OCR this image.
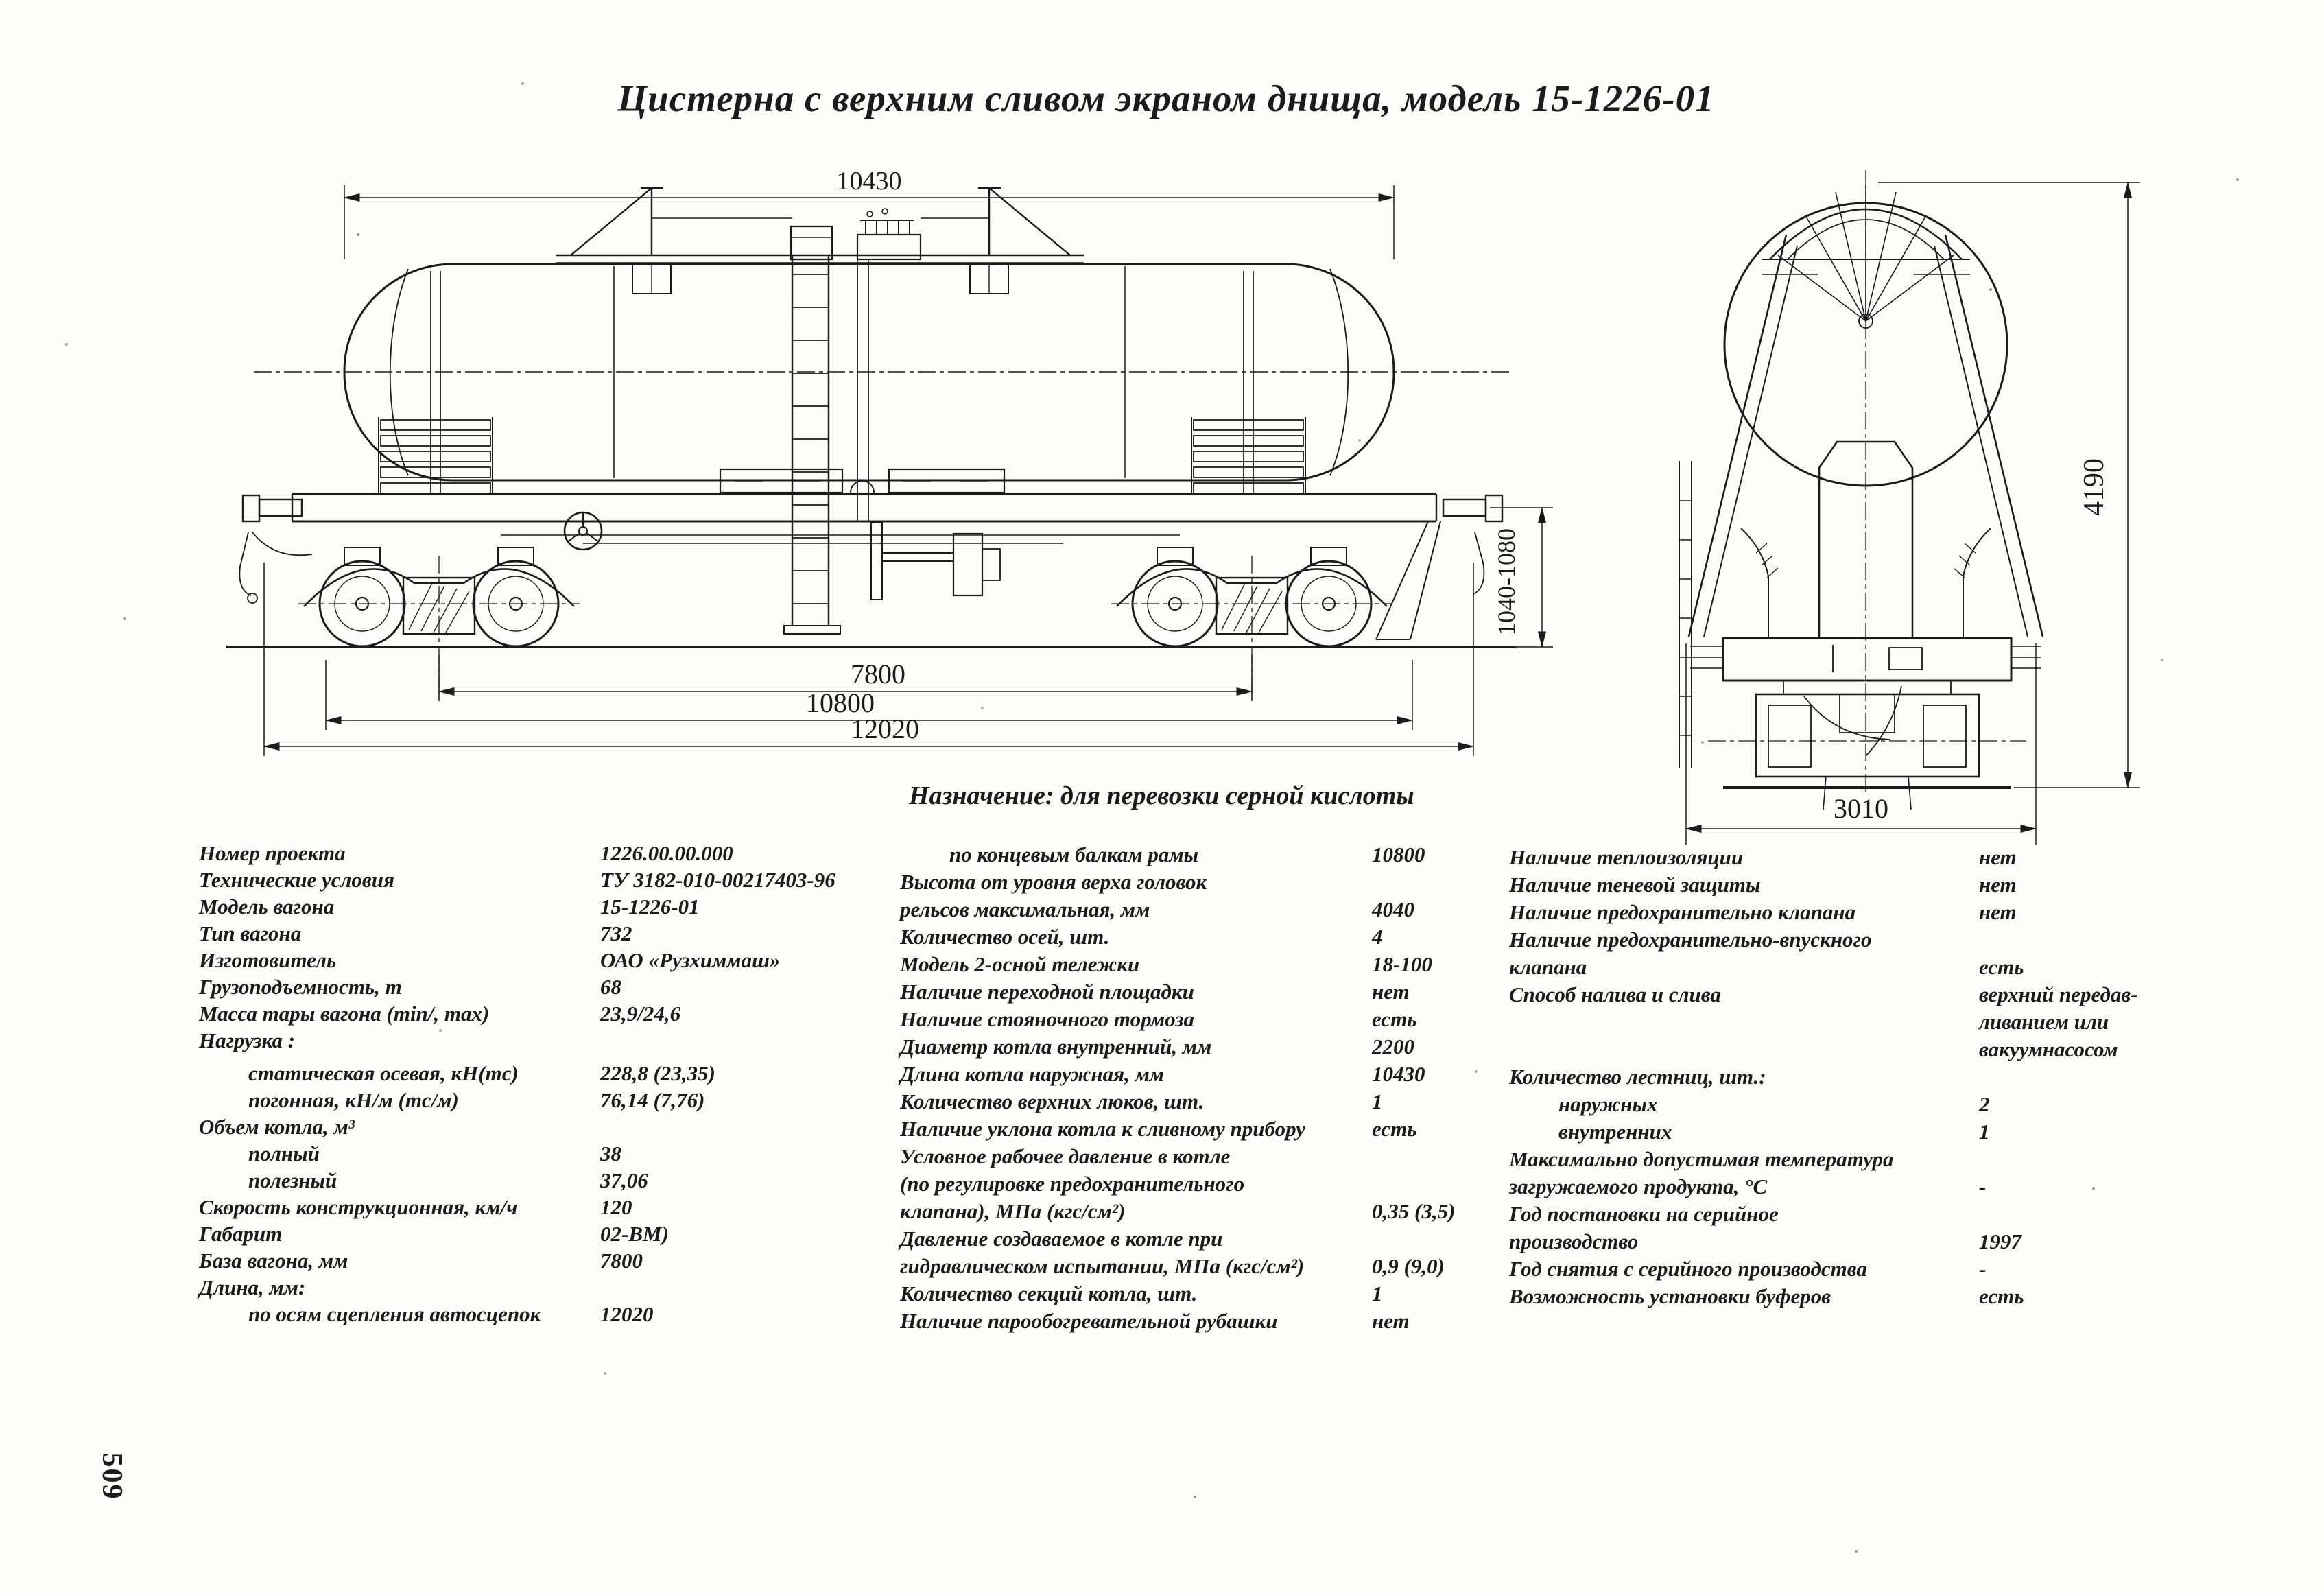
Цистерна с верхним сливом экраном днища, модель 15-1226-01
10430
1040-1080
7800
10800
12020
4190
3010
Назначение: для перевозки серной кислоты
Номер проекта	1226.00.00.000
Технические условия	ТУ 3182-010-00217403-96
Модель вагона	15-1226-01
Тип вагона	732
Изготовитель	ОАО «Рузхиммаш»
Грузоподъемность, т	68
Масса тары вагона (min/, max)	23,9/24,6
Нагрузка :
статическая осевая, кН(тс)	228,8 (23,35)
погонная, кН/м (тс/м)	76,14 (7,76)
Объем котла, м³
полный	38
полезный	37,06
Скорость конструкционная, км/ч	120
Габарит	02-ВМ)
База вагона, мм	7800
Длина, мм:
по осям сцепления автосцепок	12020
по концевым балкам рамы	10800
Высота от уровня верха головок
рельсов максимальная, мм	4040
Количество осей, шт.	4
Модель 2-осной тележки	18-100
Наличие переходной площадки	нет
Наличие стояночного тормоза	есть
Диаметр котла внутренний, мм	2200
Длина котла наружная, мм	10430
Количество верхних люков, шт.	1
Наличие уклона котла к сливному прибору	есть
Условное рабочее давление в котле
(по регулировке предохранительного
клапана), МПа (кгс/см²)	0,35 (3,5)
Давление создаваемое в котле при
гидравлическом испытании, МПа (кгс/см²)	0,9 (9,0)
Количество секций котла, шт.	1
Наличие парообогревательной рубашки	нет
Наличие теплоизоляции	нет
Наличие теневой защиты	нет
Наличие предохранительно клапана	нет
Наличие предохранительно-впускного
клапана	есть
Способ налива и слива	верхний передав-
ливанием или
вакуумнасосом
Количество лестниц, шт.:
наружных	2
внутренних	1
Максимально допустимая температура
загружаемого продукта, °С	-
Год постановки на серийное
производство	1997
Год снятия с серийного производства	-
Возможность установки буферов	есть
509
